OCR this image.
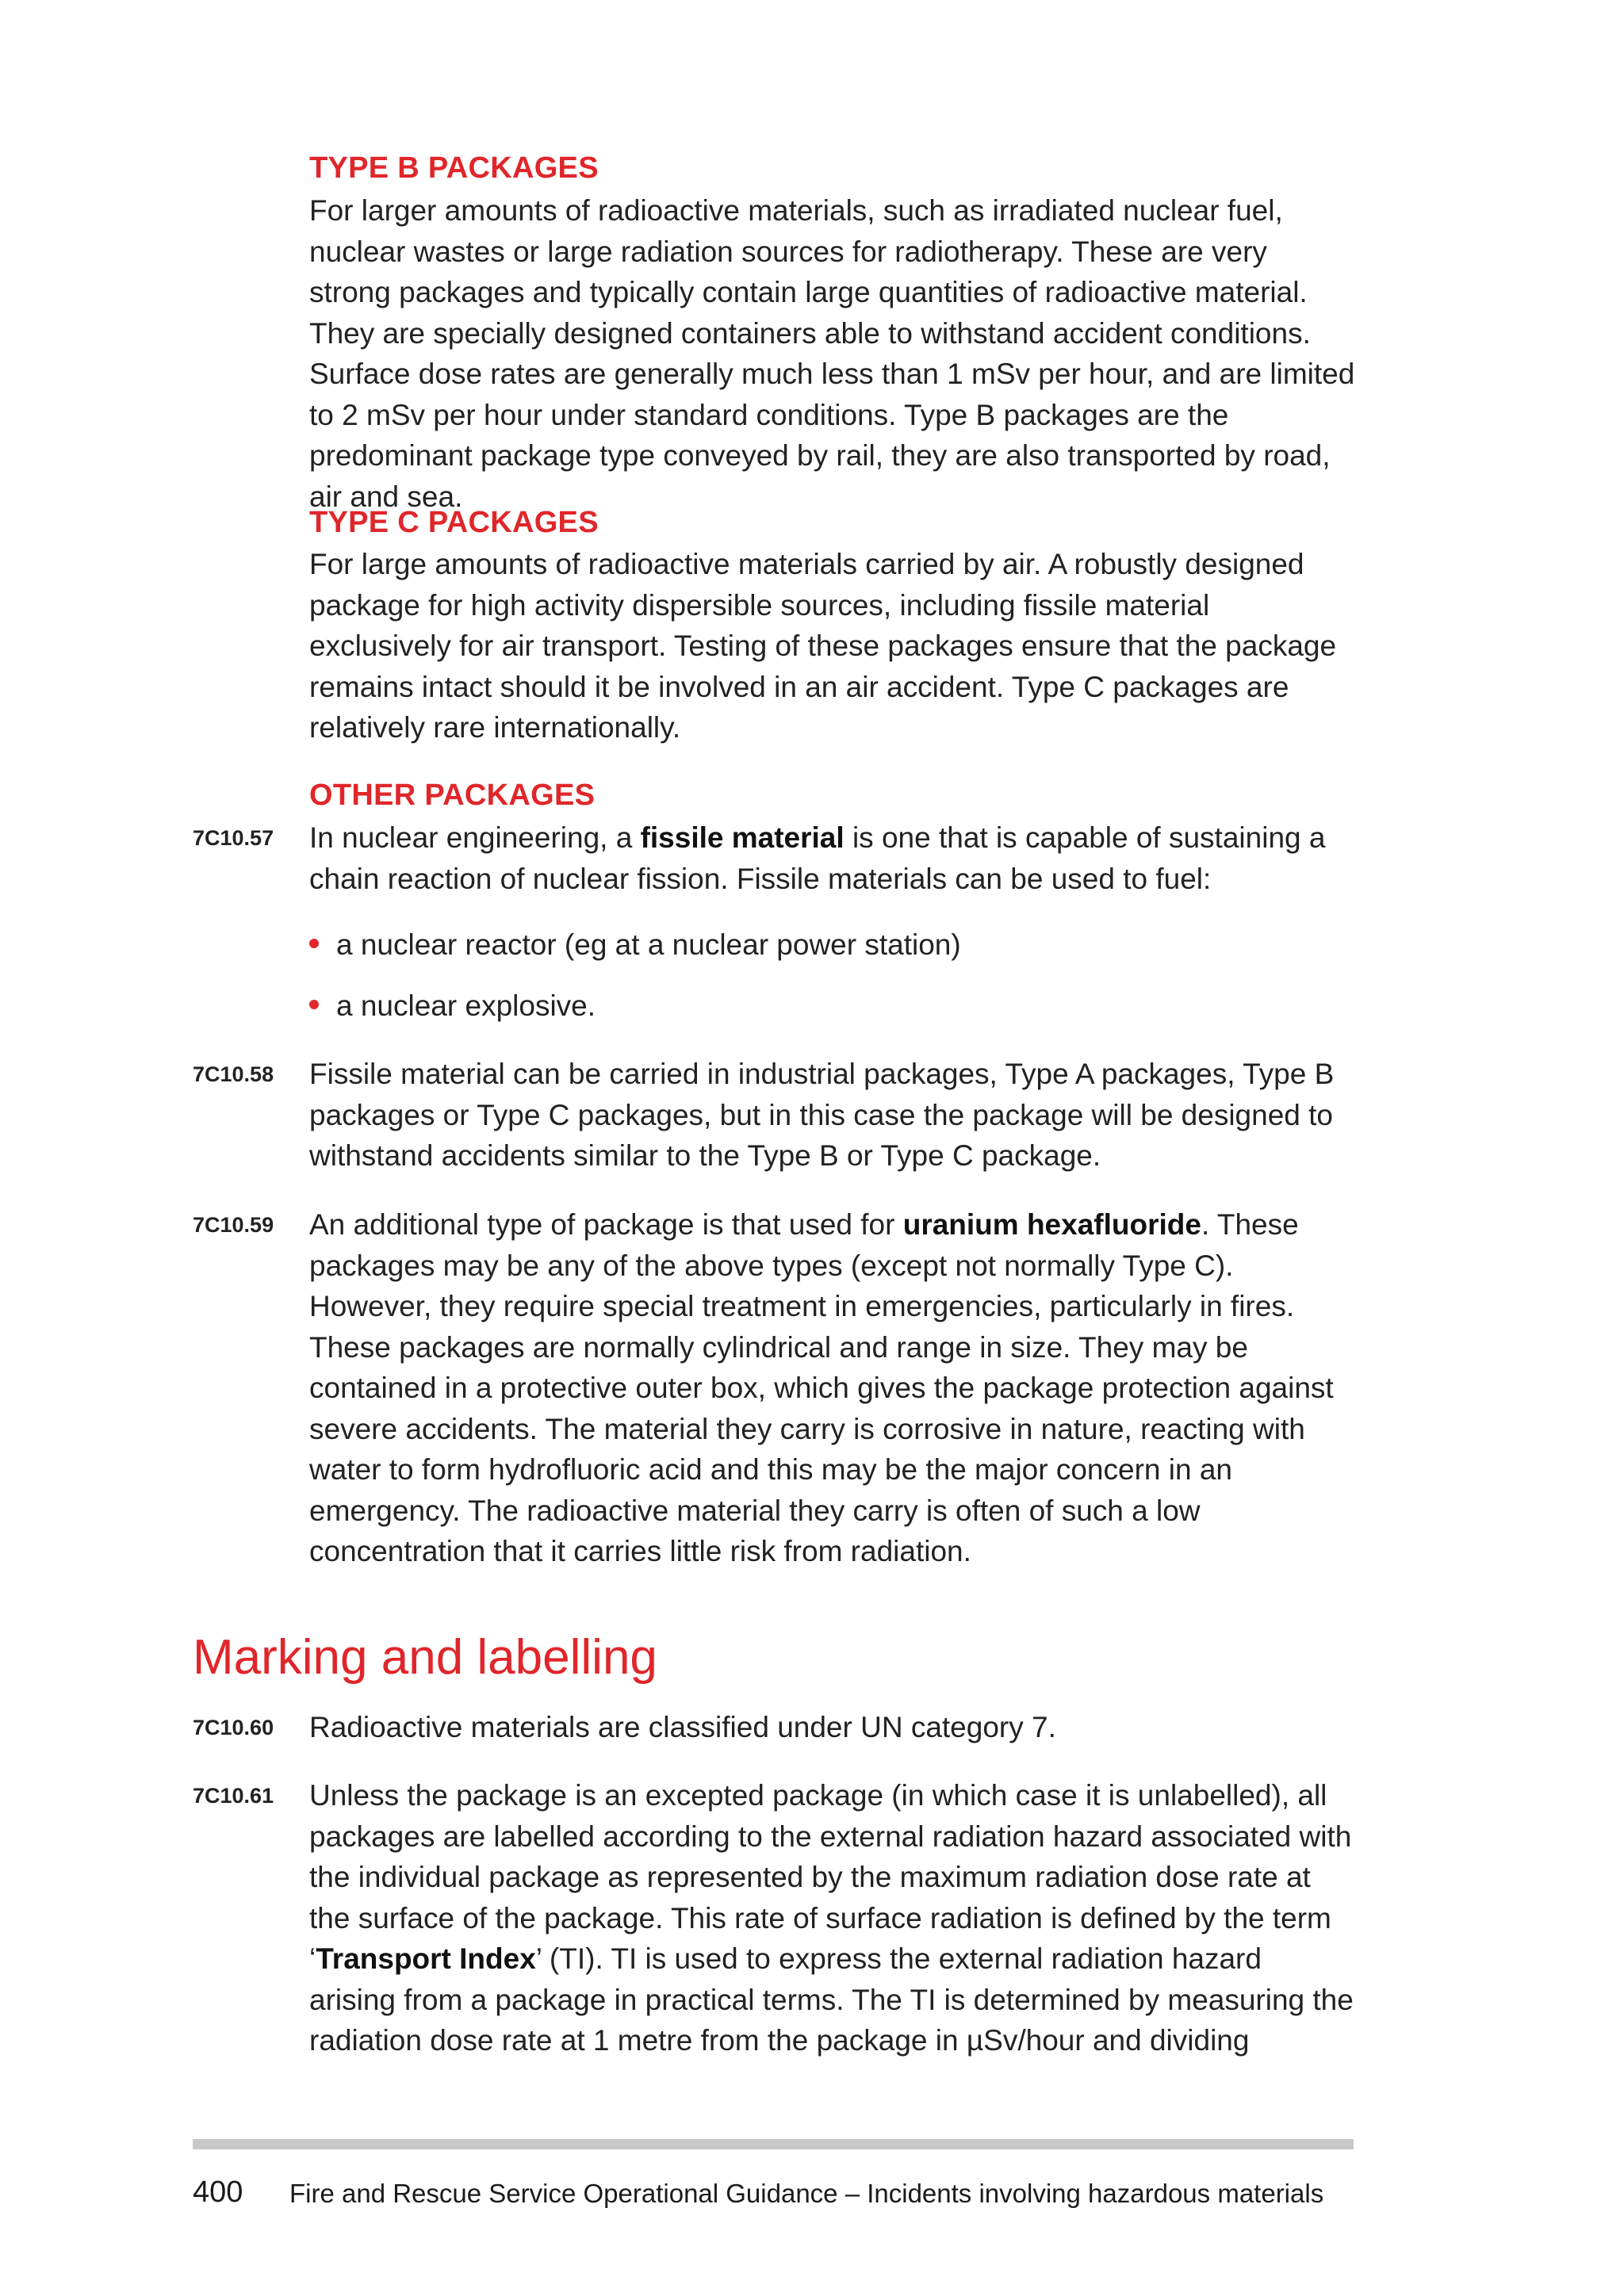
TYPE B PACKAGES
For larger amounts of radioactive materials, such as irradiated nuclear fuel, nuclear wastes or large radiation sources for radiotherapy. These are very strong packages and typically contain large quantities of radioactive material. They are specially designed containers able to withstand accident conditions. Surface dose rates are generally much less than 1 mSv per hour, and are limited to 2 mSv per hour under standard conditions. Type B packages are the predominant package type conveyed by rail, they are also transported by road, air and sea.
TYPE C PACKAGES
For large amounts of radioactive materials carried by air. A robustly designed package for high activity dispersible sources, including fissile material exclusively for air transport. Testing of these packages ensure that the package remains intact should it be involved in an air accident. Type C packages are relatively rare internationally.
OTHER PACKAGES
7C10.57 In nuclear engineering, a fissile material is one that is capable of sustaining a chain reaction of nuclear fission. Fissile materials can be used to fuel:
a nuclear reactor (eg at a nuclear power station)
a nuclear explosive.
7C10.58 Fissile material can be carried in industrial packages, Type A packages, Type B packages or Type C packages, but in this case the package will be designed to withstand accidents similar to the Type B or Type C package.
7C10.59 An additional type of package is that used for uranium hexafluoride. These packages may be any of the above types (except not normally Type C). However, they require special treatment in emergencies, particularly in fires. These packages are normally cylindrical and range in size. They may be contained in a protective outer box, which gives the package protection against severe accidents. The material they carry is corrosive in nature, reacting with water to form hydrofluoric acid and this may be the major concern in an emergency. The radioactive material they carry is often of such a low concentration that it carries little risk from radiation.
Marking and labelling
7C10.60 Radioactive materials are classified under UN category 7.
7C10.61 Unless the package is an excepted package (in which case it is unlabelled), all packages are labelled according to the external radiation hazard associated with the individual package as represented by the maximum radiation dose rate at the surface of the package. This rate of surface radiation is defined by the term ‘Transport Index’ (TI). TI is used to express the external radiation hazard arising from a package in practical terms. The TI is determined by measuring the radiation dose rate at 1 metre from the package in µSv/hour and dividing
400 Fire and Rescue Service Operational Guidance – Incidents involving hazardous materials
